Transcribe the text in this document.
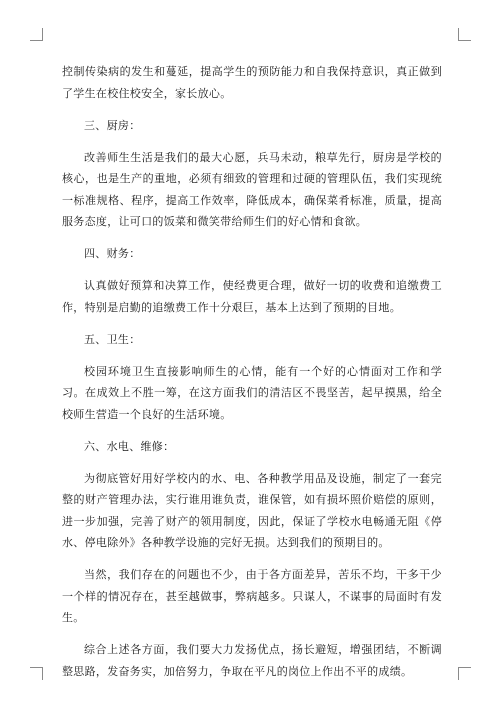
控制传染病的发生和蔓延，提高学生的预防能力和自我保持意识，真正做到了学生在校住校安全，家长放心。

三、厨房：

改善师生生活是我们的最大心愿，兵马未动，粮草先行，厨房是学校的核心，也是生产的重地，必须有细致的管理和过硬的管理队伍，我们实现统一标准规格、程序，提高工作效率，降低成本，确保菜肴标准，质量，提高服务态度，让可口的饭菜和微笑带给师生们的好心情和食欲。

四、财务：

认真做好预算和决算工作，使经费更合理，做好一切的收费和追缴费工作，特别是启勤的追缴费工作十分艰巨，基本上达到了预期的目地。

五、卫生：

校园环境卫生直接影响师生的心情，能有一个好的心情面对工作和学习。在成效上不胜一筹，在这方面我们的清洁区不畏坚苦，起早摸黑，给全校师生营造一个良好的生活环境。

六、水电、维修：

为彻底管好用好学校内的水、电、各种教学用品及设施，制定了一套完整的财产管理办法，实行谁用谁负责，谁保管，如有损坏照价赔偿的原则，进一步加强，完善了财产的领用制度，因此，保证了学校水电畅通无阻《停水、停电除外》各种教学设施的完好无损。达到我们的预期目的。

当然，我们存在的问题也不少，由于各方面差异，苦乐不均，干多干少一个样的情况存在，甚至越做事，弊病越多。只谋人，不谋事的局面时有发生。

综合上述各方面，我们要大力发扬优点，扬长避短，增强团结，不断调整思路，发奋务实，加倍努力，争取在平凡的岗位上作出不平的成绩。
